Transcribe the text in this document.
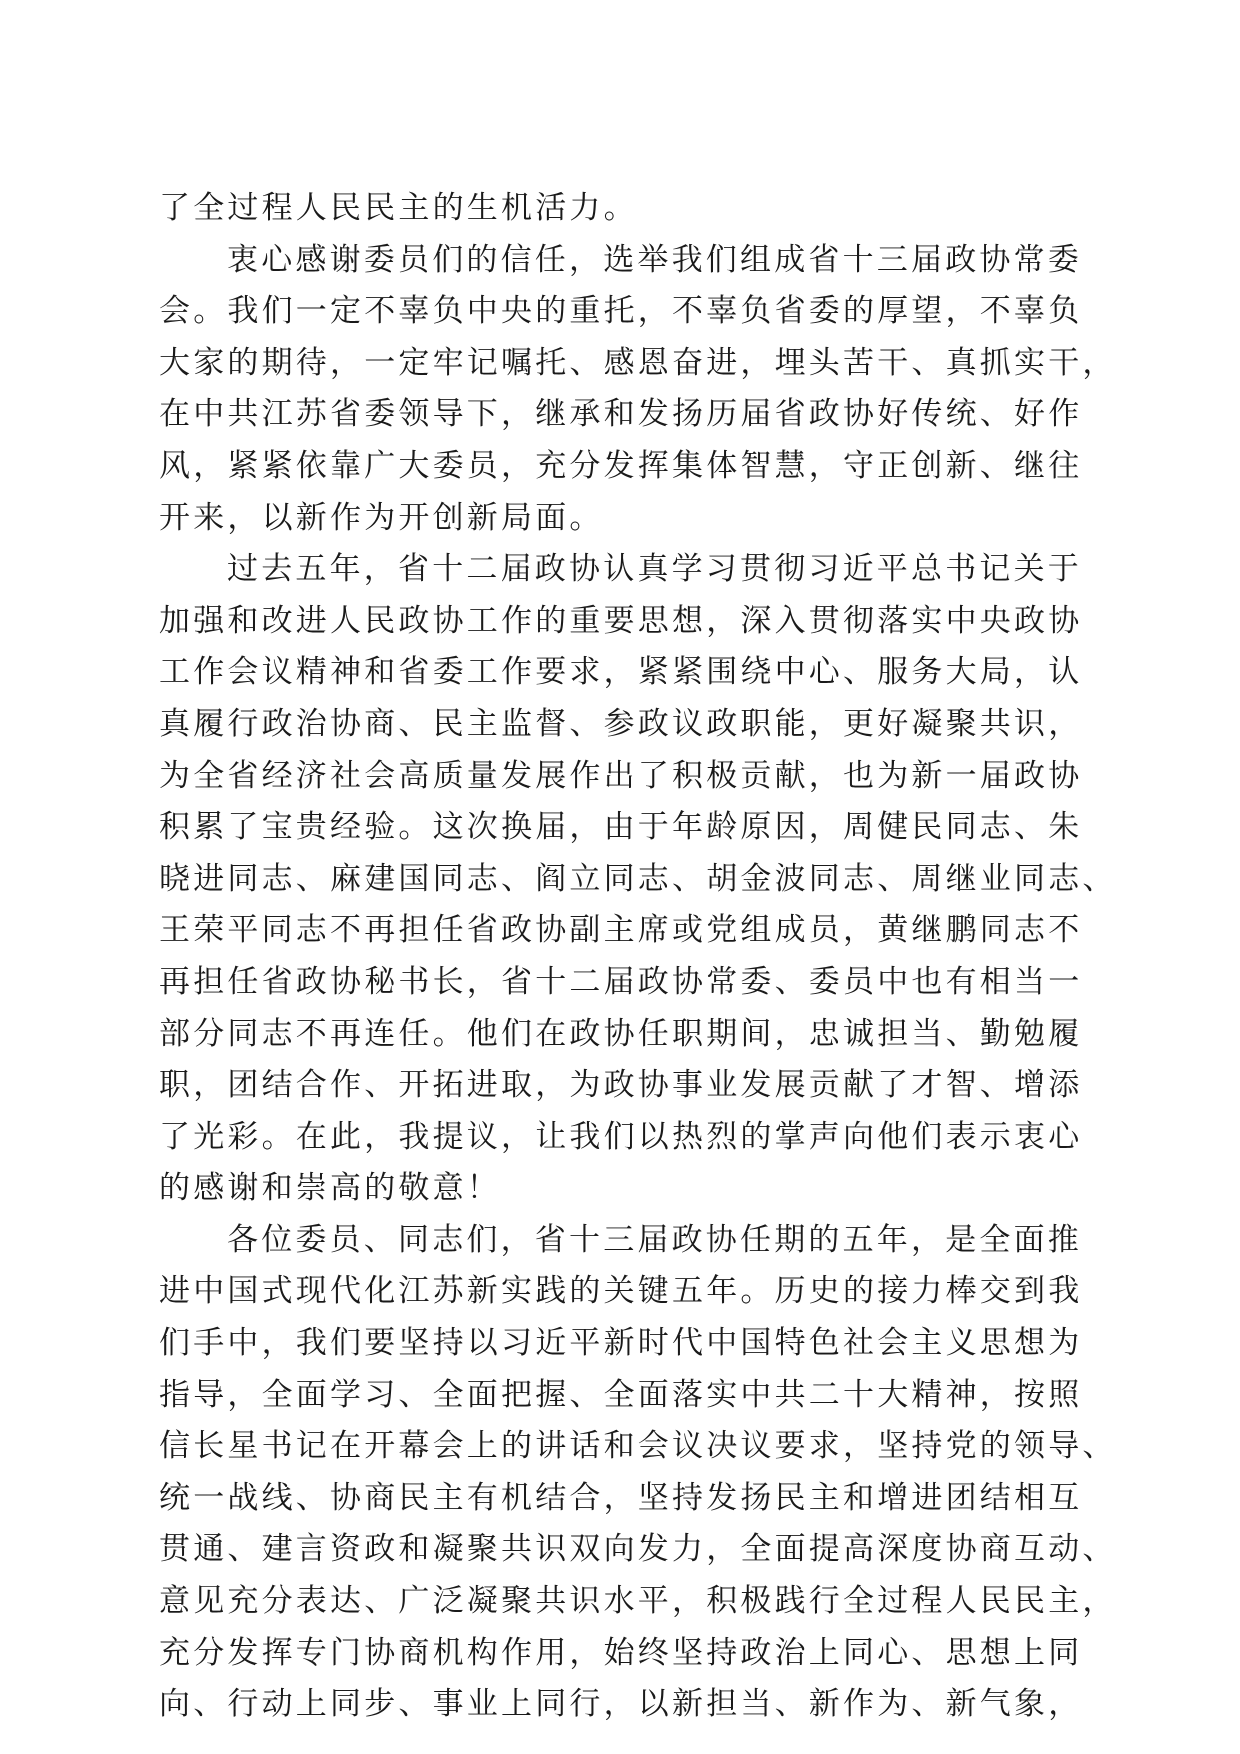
了全过程人民民主的生机活力。
衷心感谢委员们的信任，选举我们组成省十三届政协常委
会。我们一定不辜负中央的重托，不辜负省委的厚望，不辜负
大家的期待，一定牢记嘱托、感恩奋进，埋头苦干、真抓实干，
在中共江苏省委领导下，继承和发扬历届省政协好传统、好作
风，紧紧依靠广大委员，充分发挥集体智慧，守正创新、继往
开来，以新作为开创新局面。
过去五年，省十二届政协认真学习贯彻习近平总书记关于
加强和改进人民政协工作的重要思想，深入贯彻落实中央政协
工作会议精神和省委工作要求，紧紧围绕中心、服务大局，认
真履行政治协商、民主监督、参政议政职能，更好凝聚共识，
为全省经济社会高质量发展作出了积极贡献，也为新一届政协
积累了宝贵经验。这次换届，由于年龄原因，周健民同志、朱
晓进同志、麻建国同志、阎立同志、胡金波同志、周继业同志、
王荣平同志不再担任省政协副主席或党组成员，黄继鹏同志不
再担任省政协秘书长，省十二届政协常委、委员中也有相当一
部分同志不再连任。他们在政协任职期间，忠诚担当、勤勉履
职，团结合作、开拓进取，为政协事业发展贡献了才智、增添
了光彩。在此，我提议，让我们以热烈的掌声向他们表示衷心
的感谢和崇高的敬意！
各位委员、同志们，省十三届政协任期的五年，是全面推
进中国式现代化江苏新实践的关键五年。历史的接力棒交到我
们手中，我们要坚持以习近平新时代中国特色社会主义思想为
指导，全面学习、全面把握、全面落实中共二十大精神，按照
信长星书记在开幕会上的讲话和会议决议要求，坚持党的领导、
统一战线、协商民主有机结合，坚持发扬民主和增进团结相互
贯通、建言资政和凝聚共识双向发力，全面提高深度协商互动、
意见充分表达、广泛凝聚共识水平，积极践行全过程人民民主，
充分发挥专门协商机构作用，始终坚持政治上同心、思想上同
向、行动上同步、事业上同行，以新担当、新作为、新气象，
